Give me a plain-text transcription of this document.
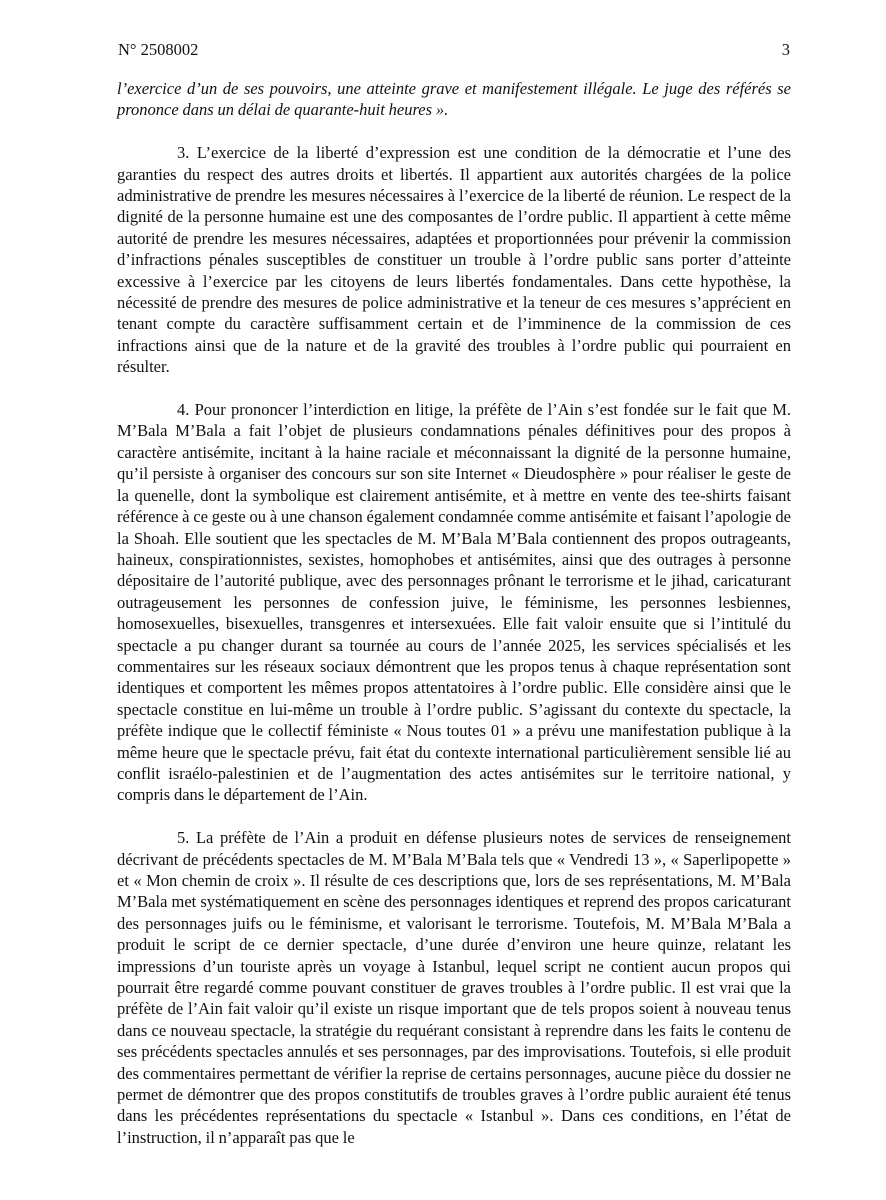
N° 2508002	3

l’exercice d’un de ses pouvoirs, une atteinte grave et manifestement illégale. Le juge des référés se prononce dans un délai de quarante-huit heures ».

3. L’exercice de la liberté d’expression est une condition de la démocratie et l’une des garanties du respect des autres droits et libertés. Il appartient aux autorités chargées de la police administrative de prendre les mesures nécessaires à l’exercice de la liberté de réunion. Le respect de la dignité de la personne humaine est une des composantes de l’ordre public. Il appartient à cette même autorité de prendre les mesures nécessaires, adaptées et proportionnées pour prévenir la commission d’infractions pénales susceptibles de constituer un trouble à l’ordre public sans porter d’atteinte excessive à l’exercice par les citoyens de leurs libertés fondamentales. Dans cette hypothèse, la nécessité de prendre des mesures de police administrative et la teneur de ces mesures s’apprécient en tenant compte du caractère suffisamment certain et de l’imminence de la commission de ces infractions ainsi que de la nature et de la gravité des troubles à l’ordre public qui pourraient en résulter.

4. Pour prononcer l’interdiction en litige, la préfète de l’Ain s’est fondée sur le fait que M. M’Bala M’Bala a fait l’objet de plusieurs condamnations pénales définitives pour des propos à caractère antisémite, incitant à la haine raciale et méconnaissant la dignité de la personne humaine, qu’il persiste à organiser des concours sur son site Internet « Dieudosphère » pour réaliser le geste de la quenelle, dont la symbolique est clairement antisémite, et à mettre en vente des tee-shirts faisant référence à ce geste ou à une chanson également condamnée comme antisémite et faisant l’apologie de la Shoah. Elle soutient que les spectacles de M. M’Bala M’Bala contiennent des propos outrageants, haineux, conspirationnistes, sexistes, homophobes et antisémites, ainsi que des outrages à personne dépositaire de l’autorité publique, avec des personnages prônant le terrorisme et le jihad, caricaturant outrageusement les personnes de confession juive, le féminisme, les personnes lesbiennes, homosexuelles, bisexuelles, transgenres et intersexuées. Elle fait valoir ensuite que si l’intitulé du spectacle a pu changer durant sa tournée au cours de l’année 2025, les services spécialisés et les commentaires sur les réseaux sociaux démontrent que les propos tenus à chaque représentation sont identiques et comportent les mêmes propos attentatoires à l’ordre public. Elle considère ainsi que le spectacle constitue en lui-même un trouble à l’ordre public. S’agissant du contexte du spectacle, la préfète indique que le collectif féministe « Nous toutes 01 » a prévu une manifestation publique à la même heure que le spectacle prévu, fait état du contexte international particulièrement sensible lié au conflit israélo-palestinien et de l’augmentation des actes antisémites sur le territoire national, y compris dans le département de l’Ain.

5. La préfète de l’Ain a produit en défense plusieurs notes de services de renseignement décrivant de précédents spectacles de M. M’Bala M’Bala tels que « Vendredi 13 », « Saperlipopette » et « Mon chemin de croix ». Il résulte de ces descriptions que, lors de ses représentations, M. M’Bala M’Bala met systématiquement en scène des personnages identiques et reprend des propos caricaturant des personnages juifs ou le féminisme, et valorisant le terrorisme. Toutefois, M. M’Bala M’Bala a produit le script de ce dernier spectacle, d’une durée d’environ une heure quinze, relatant les impressions d’un touriste après un voyage à Istanbul, lequel script ne contient aucun propos qui pourrait être regardé comme pouvant constituer de graves troubles à l’ordre public. Il est vrai que la préfète de l’Ain fait valoir qu’il existe un risque important que de tels propos soient à nouveau tenus dans ce nouveau spectacle, la stratégie du requérant consistant à reprendre dans les faits le contenu de ses précédents spectacles annulés et ses personnages, par des improvisations. Toutefois, si elle produit des commentaires permettant de vérifier la reprise de certains personnages, aucune pièce du dossier ne permet de démontrer que des propos constitutifs de troubles graves à l’ordre public auraient été tenus dans les précédentes représentations du spectacle « Istanbul ». Dans ces conditions, en l’état de l’instruction, il n’apparaît pas que le
